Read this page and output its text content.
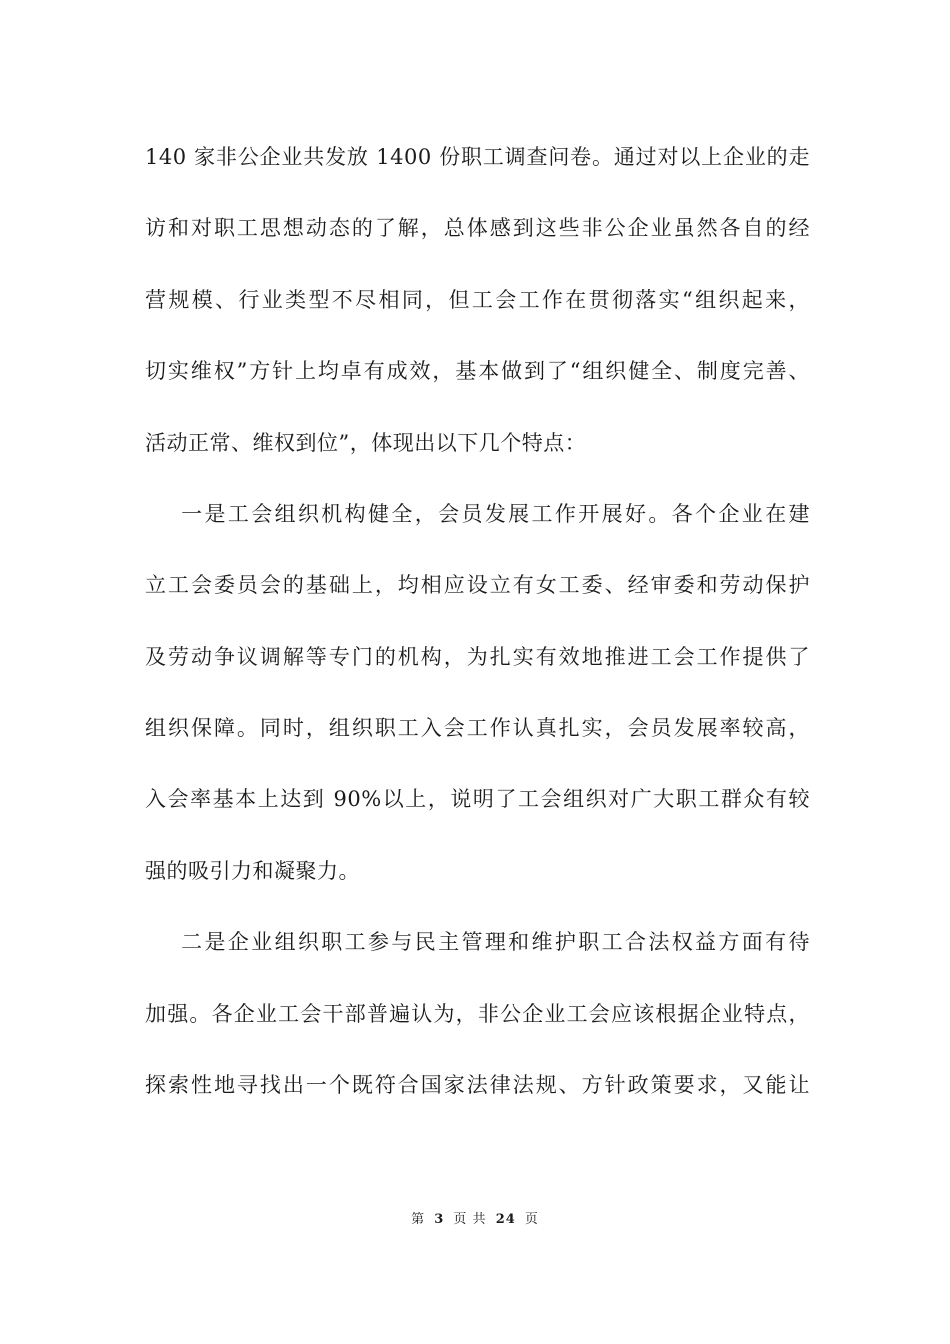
140 家非公企业共发放 1400 份职工调查问卷。通过对以上企业的走
访和对职工思想动态的了解，总体感到这些非公企业虽然各自的经
营规模、行业类型不尽相同，但工会工作在贯彻落实“组织起来，
切实维权”方针上均卓有成效，基本做到了“组织健全、制度完善、
活动正常、维权到位”，体现出以下几个特点：
一是工会组织机构健全，会员发展工作开展好。各个企业在建
立工会委员会的基础上，均相应设立有女工委、经审委和劳动保护
及劳动争议调解等专门的机构，为扎实有效地推进工会工作提供了
组织保障。同时，组织职工入会工作认真扎实，会员发展率较高，
入会率基本上达到 90%以上，说明了工会组织对广大职工群众有较
强的吸引力和凝聚力。
二是企业组织职工参与民主管理和维护职工合法权益方面有待
加强。各企业工会干部普遍认为，非公企业工会应该根据企业特点，
探索性地寻找出一个既符合国家法律法规、方针政策要求，又能让
第 3 页 共 24 页
